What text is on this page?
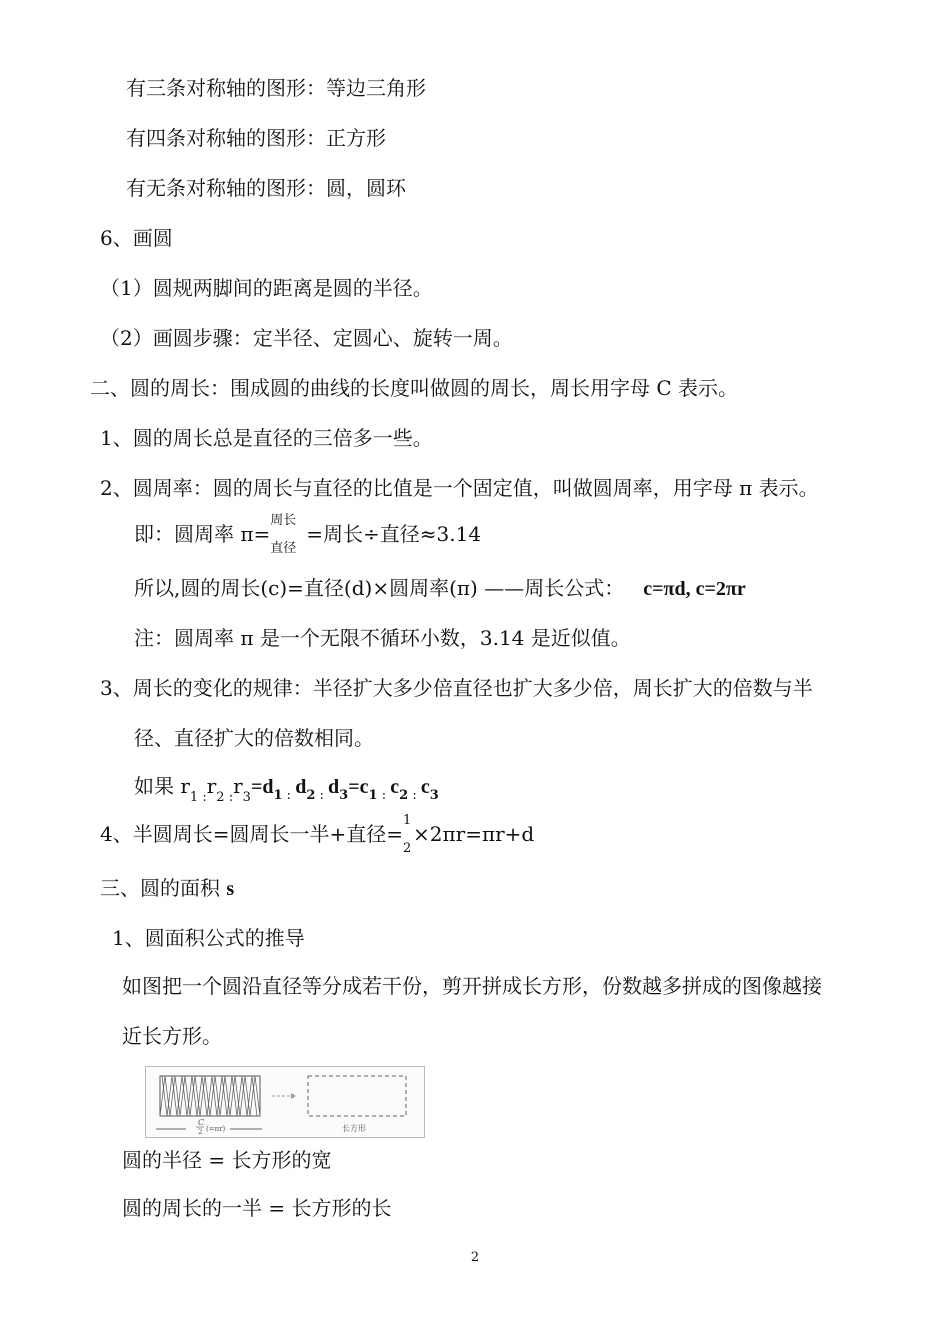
有三条对称轴的图形：等边三角形
有四条对称轴的图形：正方形
有无条对称轴的图形：圆，圆环
6、画圆
（1）圆规两脚间的距离是圆的半径。
（2）画圆步骤：定半径、定圆心、旋转一周。
二、圆的周长：围成圆的曲线的长度叫做圆的周长，周长用字母 C 表示。
1、圆的周长总是直径的三倍多一些。
2、圆周率：圆的周长与直径的比值是一个固定值，叫做圆周率，用字母 π 表示。
即：圆周率 π=
周长
直径
=周长÷直径≈3.14
所以,圆的周长(c)=直径(d)×圆周率(π) ——周长公式： c=πd, c=2πr
注：圆周率 π 是一个无限不循环小数，3.14 是近似值。
3、周长的变化的规律：半径扩大多少倍直径也扩大多少倍，周长扩大的倍数与半
径、直径扩大的倍数相同。
如果 $r_{1 :}r_{2 :}r_3=d_{1 :}$ $d_{2 :}$ $d_3=c_{1 :}$ $c_{2 :}$ $c_3$
4、半圆周长=圆周长一半+直径=
1
2
×2πr=πr+d
三、圆的面积 s
1、圆面积公式的推导
如图把一个圆沿直径等分成若干份，剪开拼成长方形，份数越多拼成的图像越接
近长方形。
C
2 (=πr)	长方形
圆的半径 = 长方形的宽
圆的周长的一半 = 长方形的长
2
